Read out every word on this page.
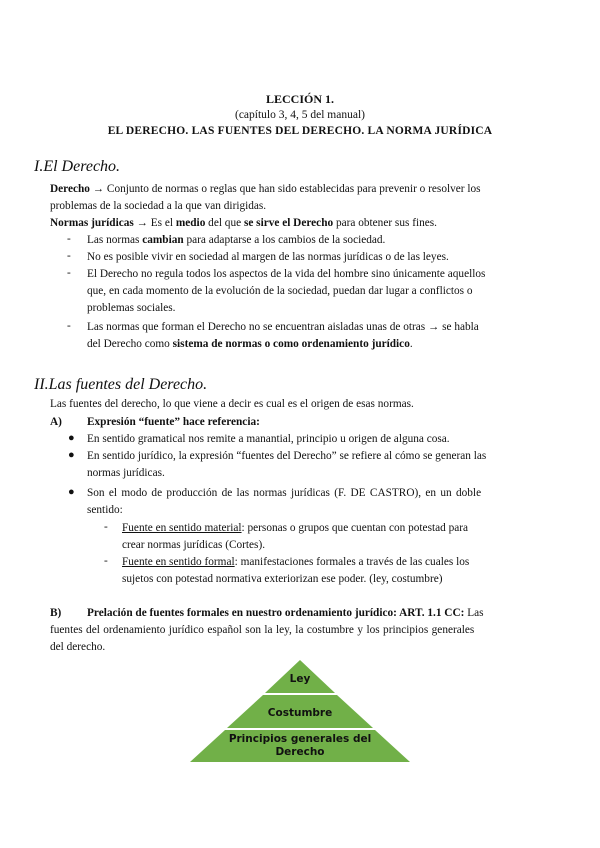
LECCIÓN 1.
(capítulo 3, 4, 5 del manual)
EL DERECHO. LAS FUENTES DEL DERECHO. LA NORMA JURÍDICA
I.El Derecho.
Derecho → Conjunto de normas o reglas que han sido establecidas para prevenir o resolver los
problemas de la sociedad a la que van dirigidas.
Normas jurídicas → Es el medio del que se sirve el Derecho para obtener sus fines.
- Las normas cambian para adaptarse a los cambios de la sociedad.
- No es posible vivir en sociedad al margen de las normas jurídicas o de las leyes.
- El Derecho no regula todos los aspectos de la vida del hombre sino únicamente aquellos
que, en cada momento de la evolución de la sociedad, puedan dar lugar a conflictos o
problemas sociales.
- Las normas que forman el Derecho no se encuentran aisladas unas de otras → se habla
del Derecho como sistema de normas o como ordenamiento jurídico.
II.Las fuentes del Derecho.
Las fuentes del derecho, lo que viene a decir es cual es el origen de esas normas.
A) Expresión “fuente” hace referencia:
● En sentido gramatical nos remite a manantial, principio u origen de alguna cosa.
● En sentido jurídico, la expresión “fuentes del Derecho” se refiere al cómo se generan las
normas jurídicas.
● Son el modo de producción de las normas jurídicas (F. DE CASTRO), en un doble
sentido:
- Fuente en sentido material: personas o grupos que cuentan con potestad para
crear normas jurídicas (Cortes).
- Fuente en sentido formal: manifestaciones formales a través de las cuales los
sujetos con potestad normativa exteriorizan ese poder. (ley, costumbre)
B) Prelación de fuentes formales en nuestro ordenamiento jurídico: ART. 1.1 CC: Las
fuentes del ordenamiento jurídico español son la ley, la costumbre y los principios generales
del derecho.
Ley
Costumbre
Principios generales del
Derecho
